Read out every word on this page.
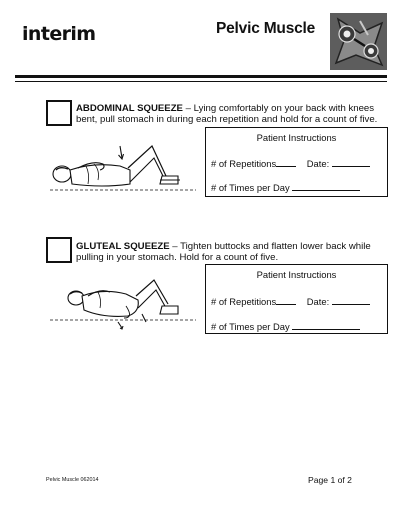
interim	Pelvic Muscle
ABDOMINAL SQUEEZE – Lying comfortably on your back with knees bent, pull stomach in during each repetition and hold for a count of five.
Patient Instructions
# of Repetitions	Date:
# of Times per Day
GLUTEAL SQUEEZE – Tighten buttocks and flatten lower back while pulling in your stomach. Hold for a count of five.
Patient Instructions
# of Repetitions	Date:
# of Times per Day
Pelvic Muscle 062014	Page 1 of 2
